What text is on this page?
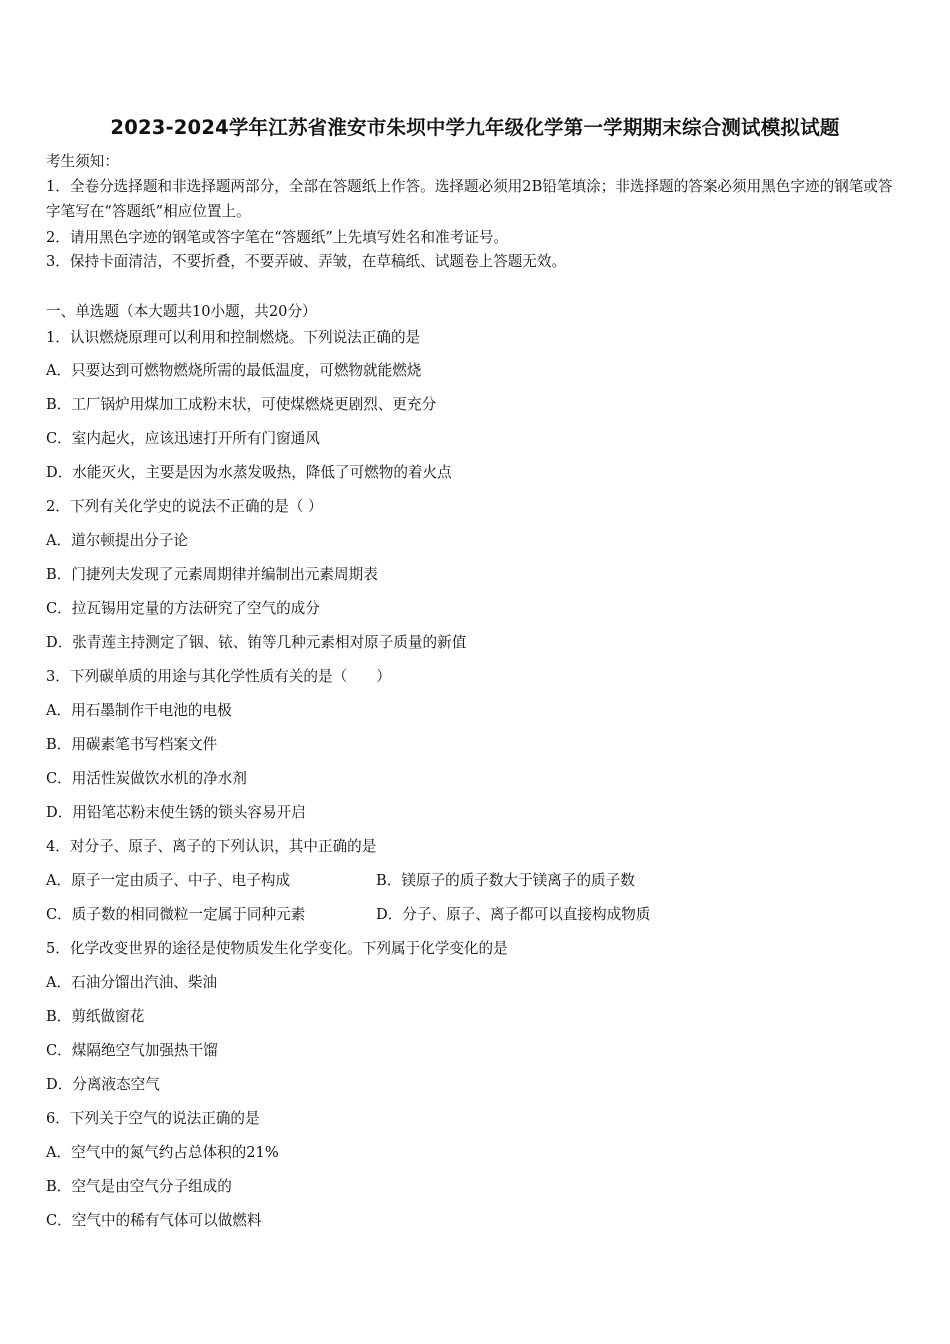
2023-2024学年江苏省淮安市朱坝中学九年级化学第一学期期末综合测试模拟试题
考生须知：
1．全卷分选择题和非选择题两部分，全部在答题纸上作答。选择题必须用2B铅笔填涂；非选择题的答案必须用黑色字迹的钢笔或答字笔写在“答题纸”相应位置上。
2．请用黑色字迹的钢笔或答字笔在“答题纸”上先填写姓名和准考证号。
3．保持卡面清洁，不要折叠，不要弄破、弄皱，在草稿纸、试题卷上答题无效。
一、单选题（本大题共10小题，共20分）
1．认识燃烧原理可以利用和控制燃烧。下列说法正确的是
A．只要达到可燃物燃烧所需的最低温度，可燃物就能燃烧
B．工厂锅炉用煤加工成粉末状，可使煤燃烧更剧烈、更充分
C．室内起火，应该迅速打开所有门窗通风
D．水能灭火，主要是因为水蒸发吸热，降低了可燃物的着火点
2．下列有关化学史的说法不正确的是（ ）
A．道尔顿提出分子论
B．门捷列夫发现了元素周期律并编制出元素周期表
C．拉瓦锡用定量的方法研究了空气的成分
D．张青莲主持测定了铟、铱、铕等几种元素相对原子质量的新值
3．下列碳单质的用途与其化学性质有关的是（　　）
A．用石墨制作干电池的电极
B．用碳素笔书写档案文件
C．用活性炭做饮水机的净水剂
D．用铅笔芯粉末使生锈的锁头容易开启
4．对分子、原子、离子的下列认识，其中正确的是
A．原子一定由质子、中子、电子构成	B．镁原子的质子数大于镁离子的质子数
C．质子数的相同微粒一定属于同种元素	D．分子、原子、离子都可以直接构成物质
5．化学改变世界的途径是使物质发生化学变化。下列属于化学变化的是
A．石油分馏出汽油、柴油
B．剪纸做窗花
C．煤隔绝空气加强热干馏
D．分离液态空气
6．下列关于空气的说法正确的是
A．空气中的氮气约占总体积的21%
B．空气是由空气分子组成的
C．空气中的稀有气体可以做燃料
